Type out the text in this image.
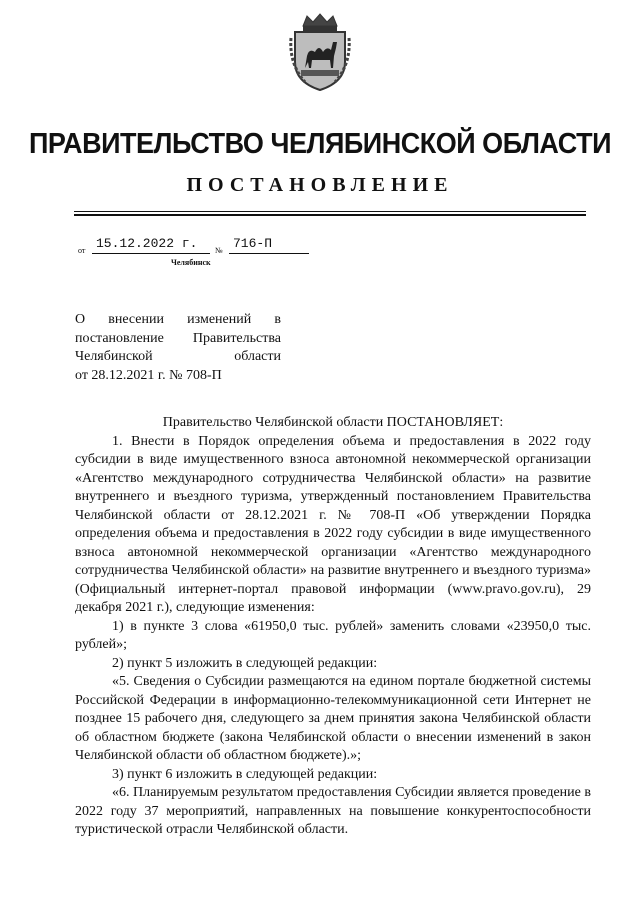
ПРАВИТЕЛЬСТВО ЧЕЛЯБИНСКОЙ ОБЛАСТИ
ПОСТАНОВЛЕНИЕ
от 15.12.2022 г. № 716-П
Челябинск
О внесении изменений в
постановление Правительства
Челябинской области
от 28.12.2021 г. № 708-П

Правительство Челябинской области ПОСТАНОВЛЯЕТ:

1. Внести в Порядок определения объема и предоставления в 2022 году субсидии в виде имущественного взноса автономной некоммерческой организации «Агентство международного сотрудничества Челябинской области» на развитие внутреннего и въездного туризма, утвержденный постановлением Правительства Челябинской области от 28.12.2021 г. № 708-П «Об утверждении Порядка определения объема и предоставления в 2022 году субсидии в виде имущественного взноса автономной некоммерческой организации «Агентство международного сотрудничества Челябинской области» на развитие внутреннего и въездного туризма» (Официальный интернет-портал правовой информации (www.pravo.gov.ru), 29 декабря 2021 г.), следующие изменения:

1) в пункте 3 слова «61950,0 тыс. рублей» заменить словами «23950,0 тыс. рублей»;

2) пункт 5 изложить в следующей редакции:

«5. Сведения о Субсидии размещаются на едином портале бюджетной системы Российской Федерации в информационно-телекоммуникационной сети Интернет не позднее 15 рабочего дня, следующего за днем принятия закона Челябинской области об областном бюджете (закона Челябинской области о внесении изменений в закон Челябинской области об областном бюджете).»;

3) пункт 6 изложить в следующей редакции:

«6. Планируемым результатом предоставления Субсидии является проведение в 2022 году 37 мероприятий, направленных на повышение конкурентоспособности туристической отрасли Челябинской области.
